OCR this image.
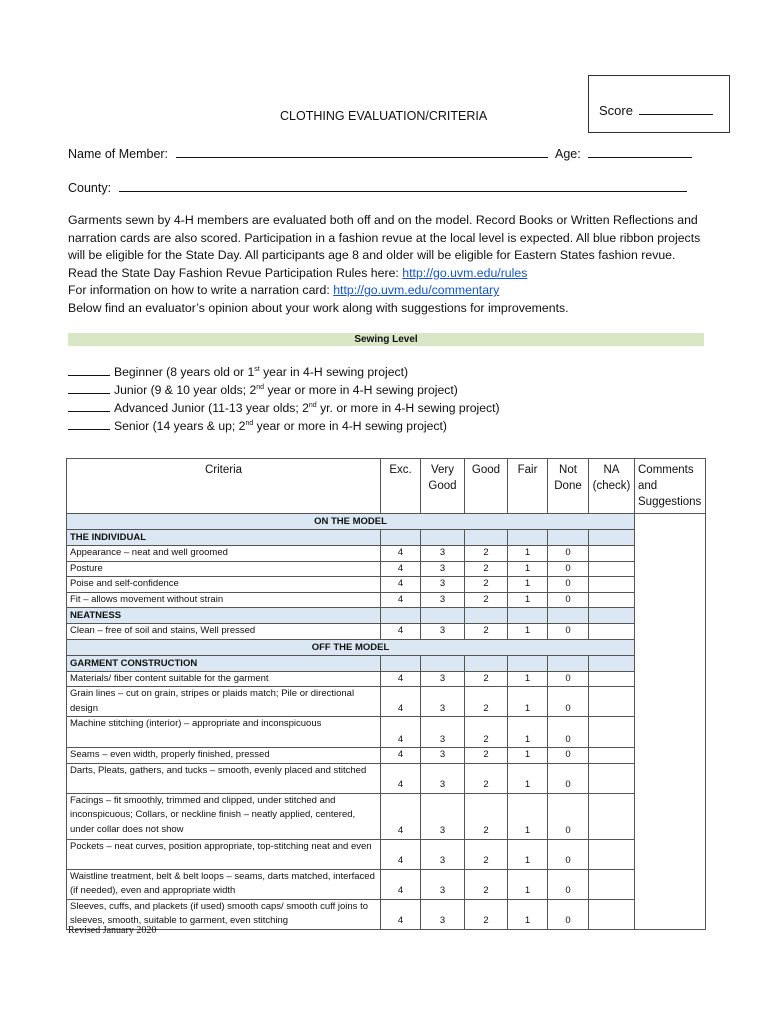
Score
CLOTHING EVALUATION/CRITERIA
Name of Member:	Age:
County:
Garments sewn by 4-H members are evaluated both off and on the model. Record Books or Written Reflections and narration cards are also scored. Participation in a fashion revue at the local level is expected. All blue ribbon projects will be eligible for the State Day. All participants age 8 and older will be eligible for Eastern States fashion revue. Read the State Day Fashion Revue Participation Rules here: http://go.uvm.edu/rules
For information on how to write a narration card: http://go.uvm.edu/commentary
Below find an evaluator’s opinion about your work along with suggestions for improvements.
Sewing Level
Beginner (8 years old or 1st year in 4-H sewing project)
Junior (9 & 10 year olds; 2nd year or more in 4-H sewing project)
Advanced Junior (11-13 year olds; 2nd yr. or more in 4-H sewing project)
Senior (14 years & up; 2nd year or more in 4-H sewing project)
Criteria	Exc.	Very Good	Good	Fair	Not Done	NA (check)	Comments and Suggestions
ON THE MODEL							
THE INDIVIDUAL							
Appearance – neat and well groomed	4	3	2	1	0		
Posture	4	3	2	1	0		
Poise and self-confidence	4	3	2	1	0		
Fit – allows movement without strain	4	3	2	1	0		
NEATNESS							
Clean – free of soil and stains, Well pressed	4	3	2	1	0		
OFF THE MODEL							
GARMENT CONSTRUCTION							
Materials/ fiber content suitable for the garment	4	3	2	1	0		
Grain lines – cut on grain, stripes or plaids match; Pile or directional design	4	3	2	1	0		
Machine stitching (interior) – appropriate and inconspicuous	4	3	2	1	0		
Seams – even width, properly finished, pressed	4	3	2	1	0		
Darts, Pleats, gathers, and tucks – smooth, evenly placed and stitched	4	3	2	1	0		
Facings – fit smoothly, trimmed and clipped, under stitched and inconspicuous; Collars, or neckline finish – neatly applied, centered, under collar does not show	4	3	2	1	0		
Pockets – neat curves, position appropriate, top-stitching neat and even	4	3	2	1	0		
Waistline treatment, belt & belt loops – seams, darts matched, interfaced (if needed), even and appropriate width	4	3	2	1	0		
Sleeves, cuffs, and plackets (if used) smooth caps/ smooth cuff joins to sleeves, smooth, suitable to garment, even stitching	4	3	2	1	0		
Revised January 2020
